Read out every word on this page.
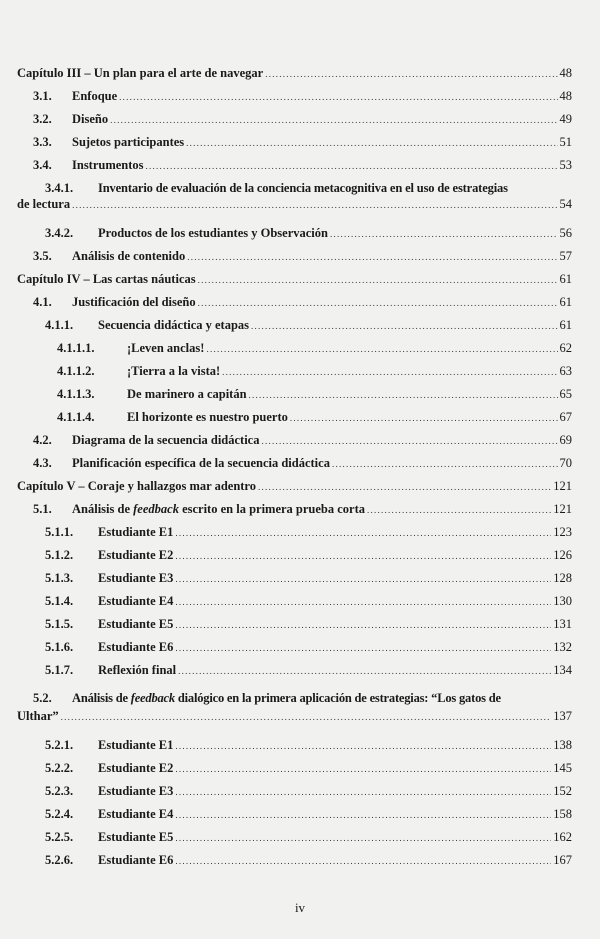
Capítulo III – Un plan para el arte de navegar . . .	48
3.1.	Enfoque . . .	48
3.2.	Diseño . . .	49
3.3.	Sujetos participantes . . .	51
3.4.	Instrumentos . . .	53
3.4.1.	Inventario de evaluación de la conciencia metacognitiva en el uso de estrategias
de lectura . . .	54
3.4.2.	Productos de los estudiantes y Observación . . .	56
3.5.	Análisis de contenido . . .	57
Capítulo IV – Las cartas náuticas . . .	61
4.1.	Justificación del diseño . . .	61
4.1.1.	Secuencia didáctica y etapas . . .	61
4.1.1.1.	¡Leven anclas! . . .	62
4.1.1.2.	¡Tierra a la vista! . . .	63
4.1.1.3.	De marinero a capitán . . .	65
4.1.1.4.	El horizonte es nuestro puerto . . .	67
4.2.	Diagrama de la secuencia didáctica . . .	69
4.3.	Planificación específica de la secuencia didáctica . . .	70
Capítulo V – Coraje y hallazgos mar adentro . . .	121
5.1.	Análisis de feedback escrito en la primera prueba corta . . .	121
5.1.1.	Estudiante E1 . . .	123
5.1.2.	Estudiante E2 . . .	126
5.1.3.	Estudiante E3 . . .	128
5.1.4.	Estudiante E4 . . .	130
5.1.5.	Estudiante E5 . . .	131
5.1.6.	Estudiante E6 . . .	132
5.1.7.	Reflexión final . . .	134
5.2.	Análisis de feedback dialógico en la primera aplicación de estrategias: “Los gatos de
Ulthar” . . .	137
5.2.1.	Estudiante E1 . . .	138
5.2.2.	Estudiante E2 . . .	145
5.2.3.	Estudiante E3 . . .	152
5.2.4.	Estudiante E4 . . .	158
5.2.5.	Estudiante E5 . . .	162
5.2.6.	Estudiante E6 . . .	167
iv
